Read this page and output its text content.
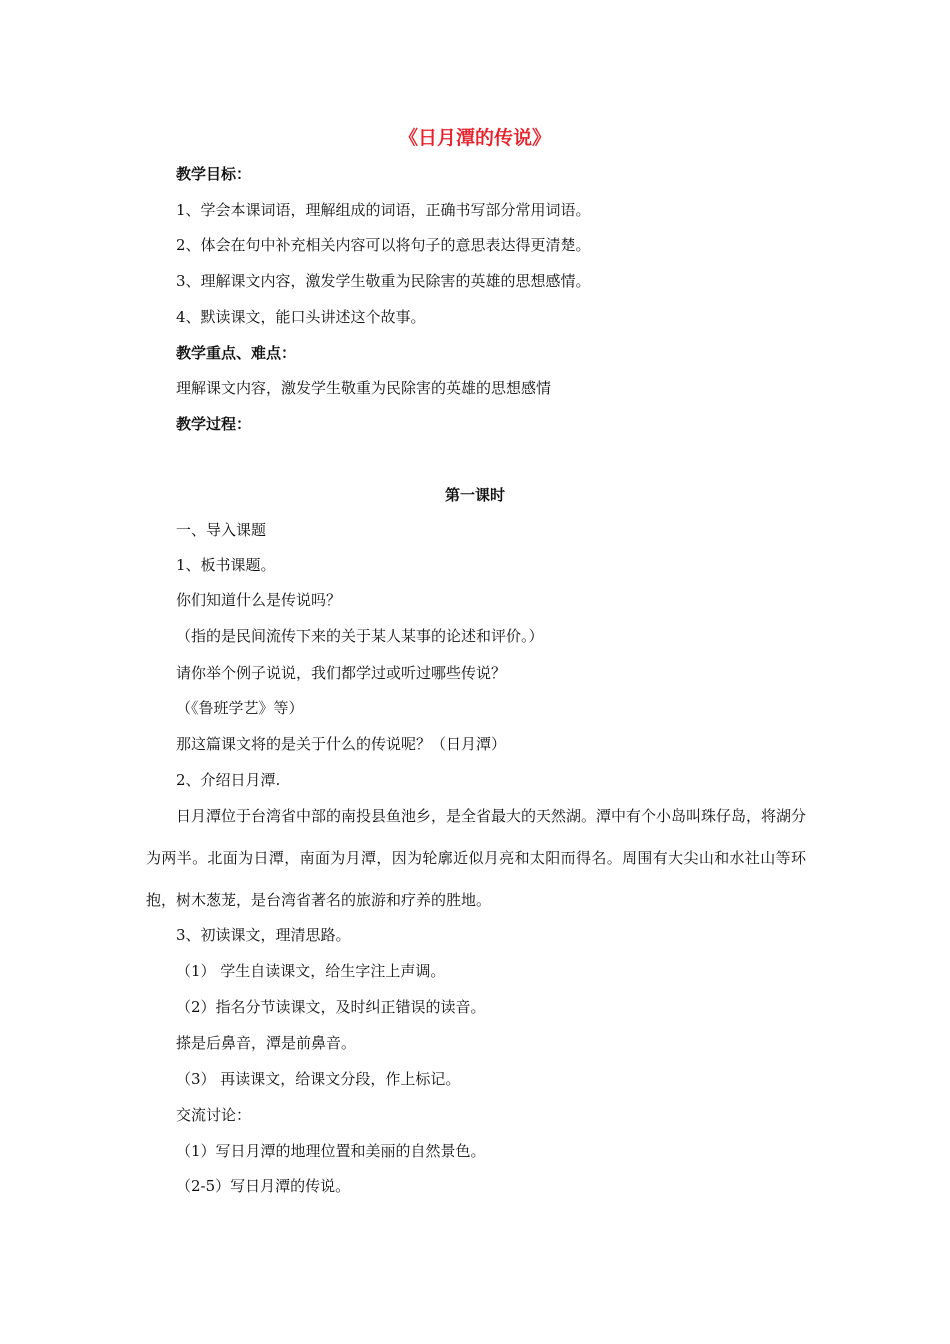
《日月潭的传说》
教学目标：
1、学会本课词语，理解组成的词语，正确书写部分常用词语。
2、体会在句中补充相关内容可以将句子的意思表达得更清楚。
3、理解课文内容，激发学生敬重为民除害的英雄的思想感情。
4、默读课文，能口头讲述这个故事。
教学重点、难点：
理解课文内容，激发学生敬重为民除害的英雄的思想感情
教学过程：
第一课时
一、导入课题
1、板书课题。
你们知道什么是传说吗？
（指的是民间流传下来的关于某人某事的论述和评价。）
请你举个例子说说，我们都学过或听过哪些传说？
（《鲁班学艺》等）
那这篇课文将的是关于什么的传说呢？（日月潭）
2、介绍日月潭.
日月潭位于台湾省中部的南投县鱼池乡，是全省最大的天然湖。潭中有个小岛叫珠仔岛，将湖分为两半。北面为日潭，南面为月潭，因为轮廓近似月亮和太阳而得名。周围有大尖山和水社山等环抱，树木葱茏，是台湾省著名的旅游和疗养的胜地。
3、初读课文，理清思路。
（1） 学生自读课文，给生字注上声调。
（2）指名分节读课文，及时纠正错误的读音。
搽是后鼻音，潭是前鼻音。
（3） 再读课文，给课文分段，作上标记。
交流讨论：
（1）写日月潭的地理位置和美丽的自然景色。
（2-5）写日月潭的传说。
